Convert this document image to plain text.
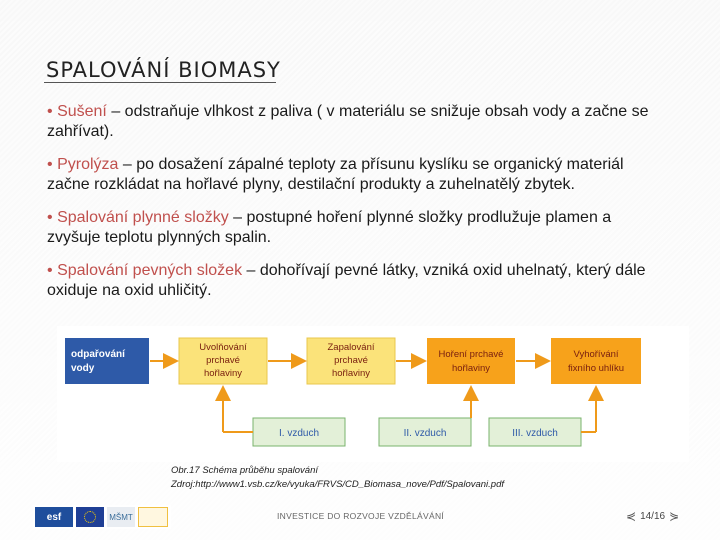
SPALOVÁNÍ BIOMASY
• Sušení – odstraňuje vlhkost z paliva ( v materiálu se snižuje obsah vody a začne se zahřívat).
• Pyrolýza – po dosažení zápalné teploty za přísunu kyslíku se organický materiál začne rozkládat na hořlavé plyny, destilační produkty a zuhelnatělý zbytek.
• Spalování plynné složky – postupné hoření plynné složky prodlužuje plamen a zvyšuje teplotu plynných spalin.
• Spalování pevných složek – dohořívají pevné látky, vzniká oxid uhelnatý, který dále oxiduje na oxid uhličitý.
odpařování
vody
Uvolňování
prchavé
hořlaviny
Zapalování
prchavé
hořlaviny
Hoření prchavé
hořlaviny
Vyhořívání
fixního uhlíku
I. vzduch	II. vzduch	III. vzduch
Obr.17 Schéma průběhu spalování
Zdroj:http://www1.vsb.cz/ke/vyuka/FRVS/CD_Biomasa_nove/Pdf/Spalovani.pdf
esf	MŠMT	INVESTICE DO ROZVOJE VZDĚLÁVÁNÍ	⋞ 14/16 ⋟
